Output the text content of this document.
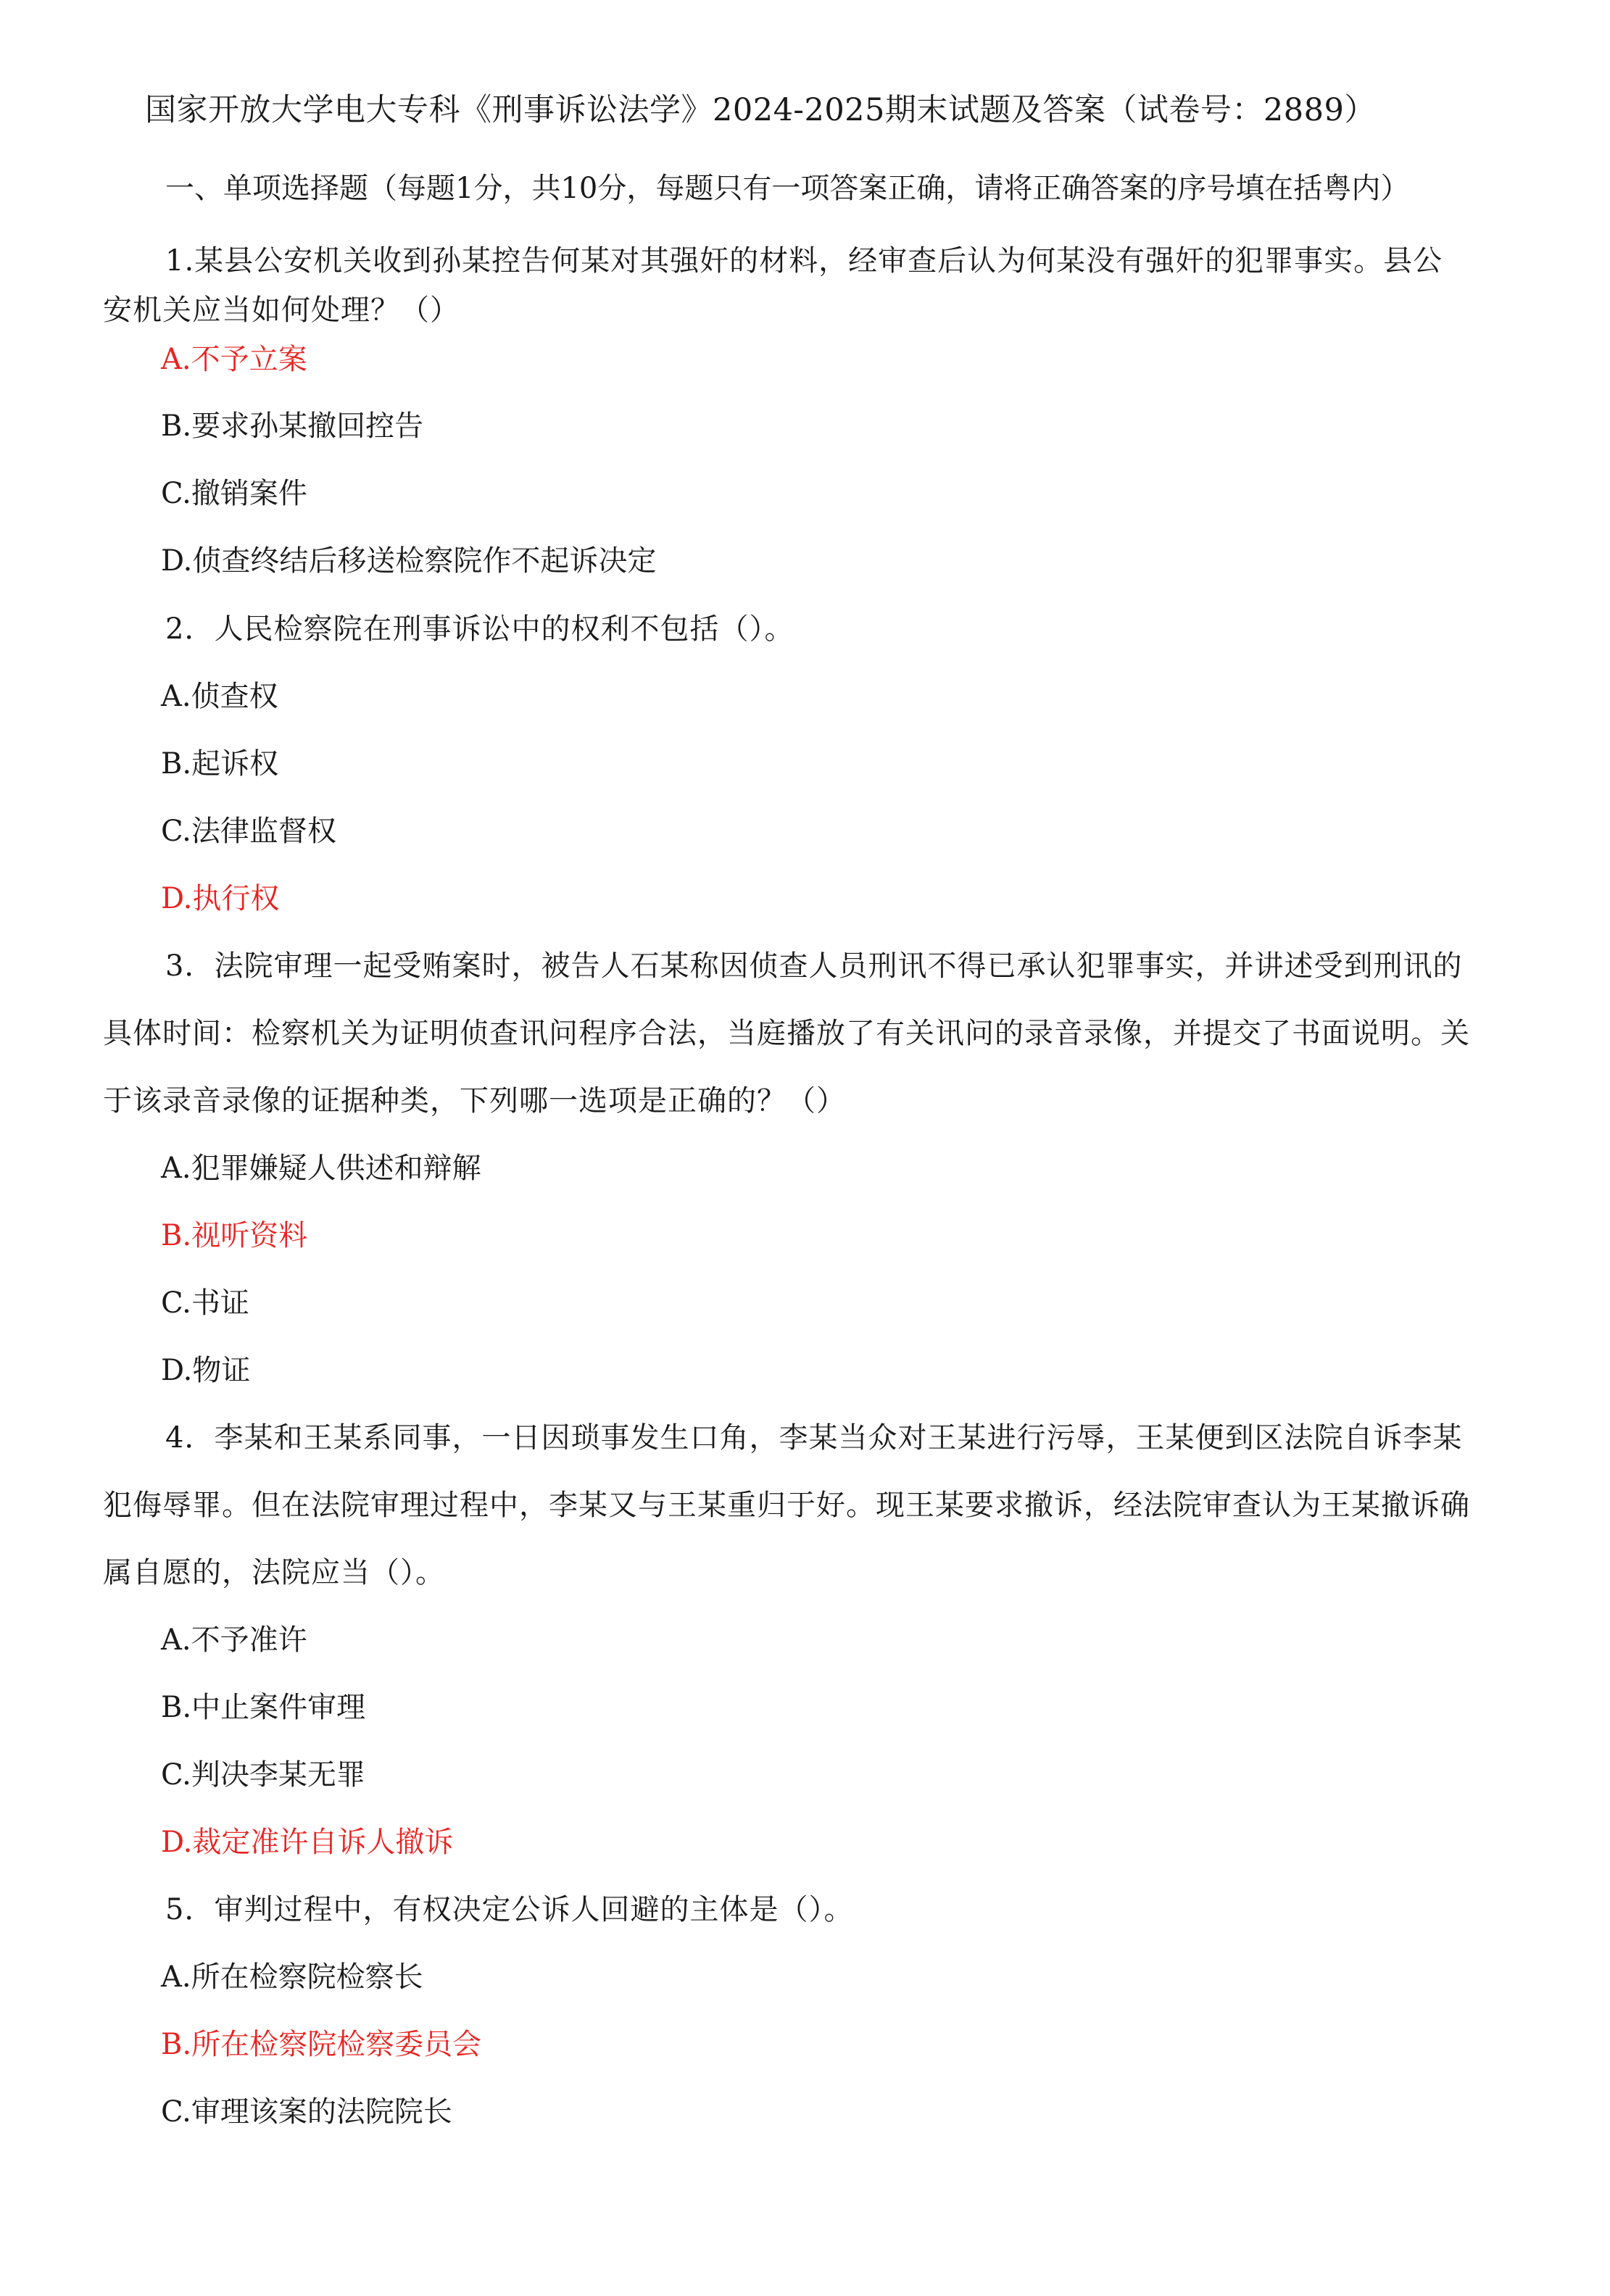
国家开放大学电大专科《刑事诉讼法学》2024-2025期末试题及答案（试卷号：2889）
一、单项选择题（每题1分，共10分，每题只有一项答案正确，请将正确答案的序号填在括粤内）
1.某县公安机关收到孙某控告何某对其强奸的材料，经审查后认为何某没有强奸的犯罪事实。县公
安机关应当如何处理？（）
A.不予立案
B.要求孙某撤回控告
C.撤销案件
D.侦查终结后移送检察院作不起诉决定
2．人民检察院在刑事诉讼中的权利不包括（）。
A.侦查权
B.起诉权
C.法律监督权
D.执行权
3．法院审理一起受贿案时，被告人石某称因侦查人员刑讯不得已承认犯罪事实，并讲述受到刑讯的
具体时间：检察机关为证明侦查讯问程序合法，当庭播放了有关讯问的录音录像，并提交了书面说明。关
于该录音录像的证据种类，下列哪一选项是正确的？（）
A.犯罪嫌疑人供述和辩解
B.视听资料
C.书证
D.物证
4．李某和王某系同事，一日因琐事发生口角，李某当众对王某进行污辱，王某便到区法院自诉李某
犯侮辱罪。但在法院审理过程中，李某又与王某重归于好。现王某要求撤诉，经法院审查认为王某撤诉确
属自愿的，法院应当（）。
A.不予准许
B.中止案件审理
C.判决李某无罪
D.裁定准许自诉人撤诉
5．审判过程中，有权决定公诉人回避的主体是（）。
A.所在检察院检察长
B.所在检察院检察委员会
C.审理该案的法院院长
